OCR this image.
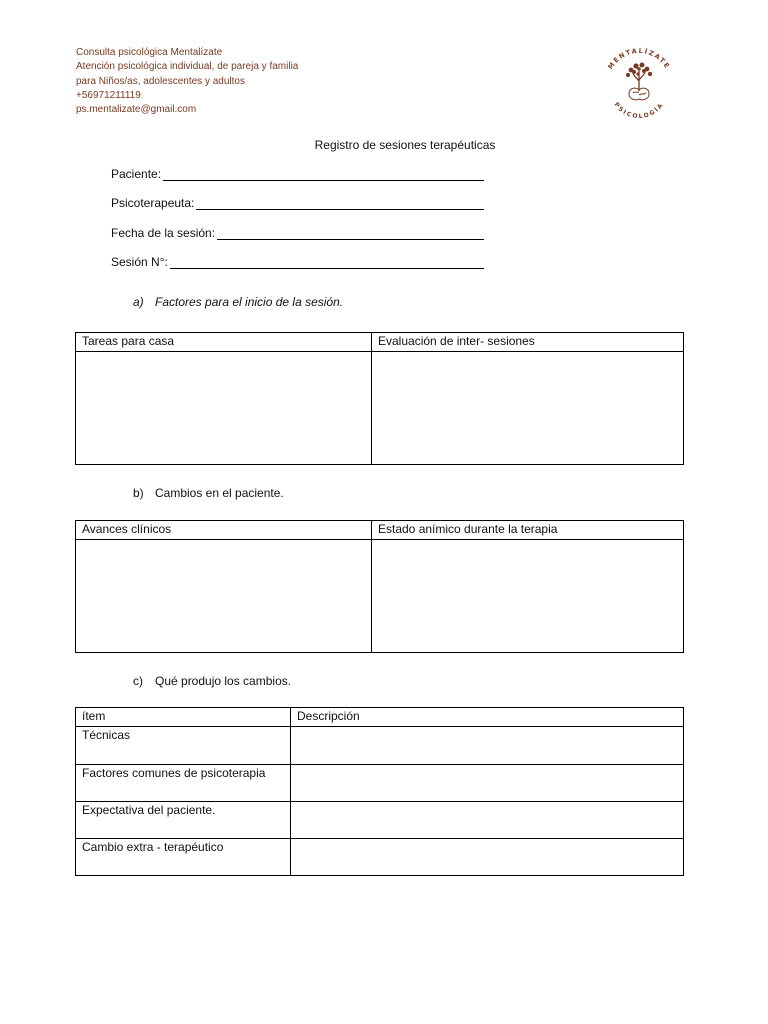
Consulta psicológica Mentalízate
Atención psicológica individual, de pareja y familia
para Niños/as, adolescentes y adultos
+56971211119
ps.mentalizate@gmail.com
MENTALÍZATE
PSICOLOGÍA
Registro de sesiones terapéuticas
Paciente:
Psicoterapeuta:
Fecha de la sesión:
Sesión N°:
a) Factores para el inicio de la sesión.
Tareas para casa	Evaluación de inter- sesiones

b) Cambios en el paciente.
Avances clínicos	Estado anímico durante la terapia

c) Qué produjo los cambios.
ítem	Descripción
Técnicas	
Factores comunes de psicoterapia	
Expectativa del paciente.	
Cambio extra - terapéutico	
